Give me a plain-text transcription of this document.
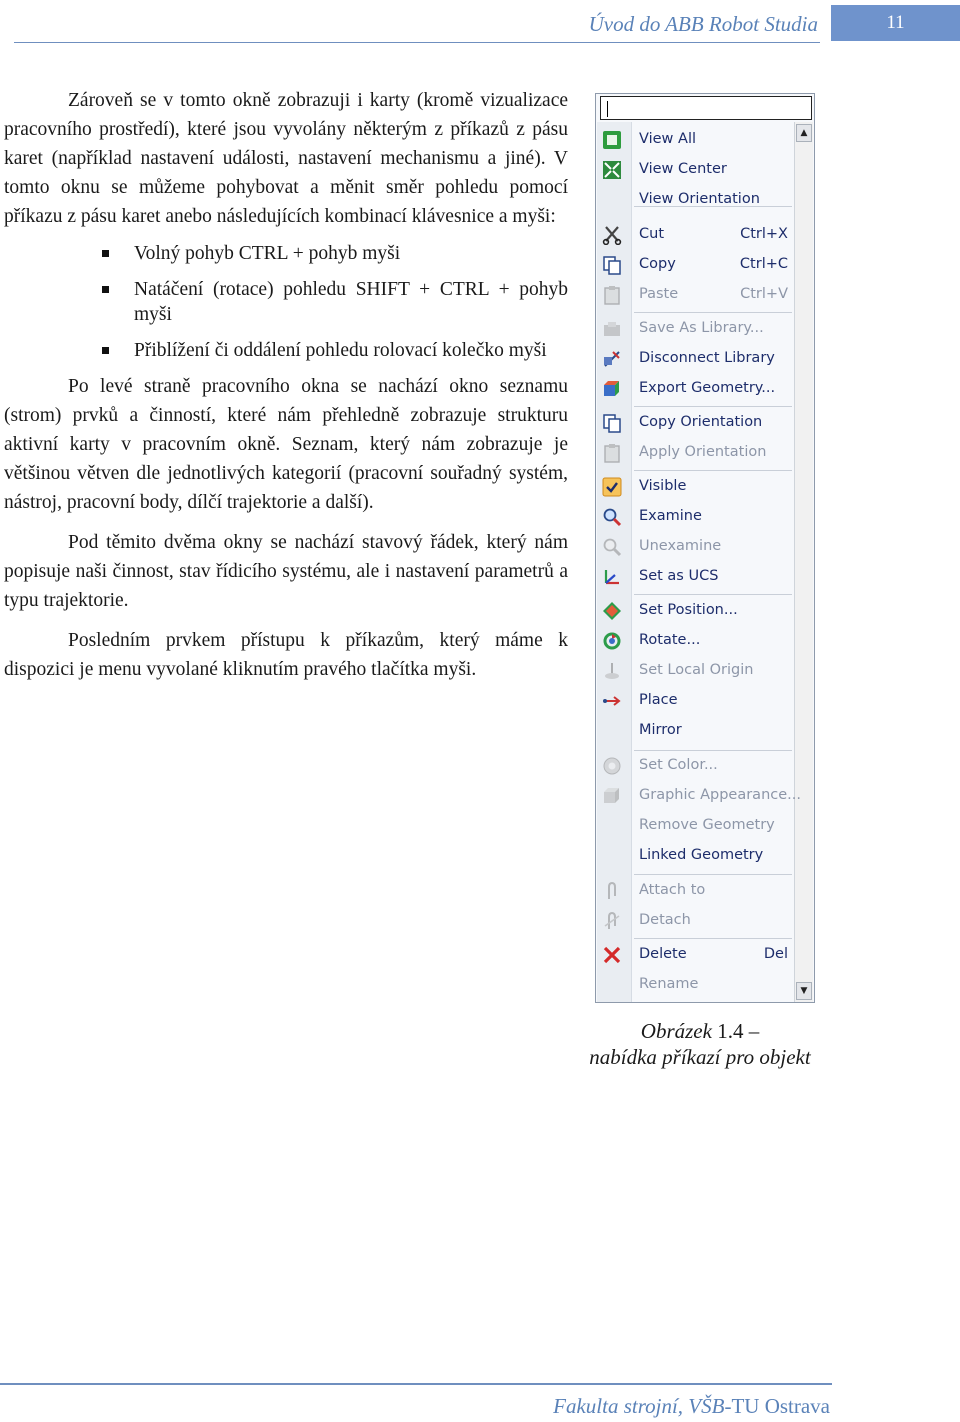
Úvod do ABB Robot Studia	11

Zároveň se v tomto okně zobrazuji i karty (kromě vizualizace pracovního prostředí), které jsou vyvolány některým z příkazů z pásu karet (například nastavení události, nastavení mechanismu a jiné). V tomto oknu se můžeme pohybovat a měnit směr pohledu pomocí příkazu z pásu karet anebo následujících kombinací klávesnice a myši:

Volný pohyb CTRL + pohyb myši
Natáčení (rotace) pohledu SHIFT + CTRL + pohyb myši
Přiblížení či oddálení pohledu rolovací kolečko myši

Po levé straně pracovního okna se nachází okno seznamu (strom) prvků a činností, které nám přehledně zobrazuje strukturu aktivní karty v pracovním okně. Seznam, který nám zobrazuje je většinou větven dle jednotlivých kategorií (pracovní souřadný systém, nástroj, pracovní body, dílčí trajektorie a další).

Pod těmito dvěma okny se nachází stavový řádek, který nám popisuje naši činnost, stav řídicího systému, ale i nastavení parametrů a typu trajektorie.

Posledním prvkem přístupu k příkazům, který máme k dispozici je menu vyvolané kliknutím pravého tlačítka myši.

▲
▼
View All
View Center
View Orientation
Cut	Ctrl+X
Copy	Ctrl+C
Paste	Ctrl+V
Save As Library...
Disconnect Library
Export Geometry...
Copy Orientation
Apply Orientation
Visible
Examine
Unexamine
Set as UCS
Set Position...
Rotate...
Set Local Origin
Place
Mirror
Set Color...
Graphic Appearance...
Remove Geometry
Linked Geometry
Attach to
Detach
Delete	Del
Rename
Obrázek 1.4 –
nabídka příkazí pro objekt
Fakulta strojní, VŠB-TU Ostrava
